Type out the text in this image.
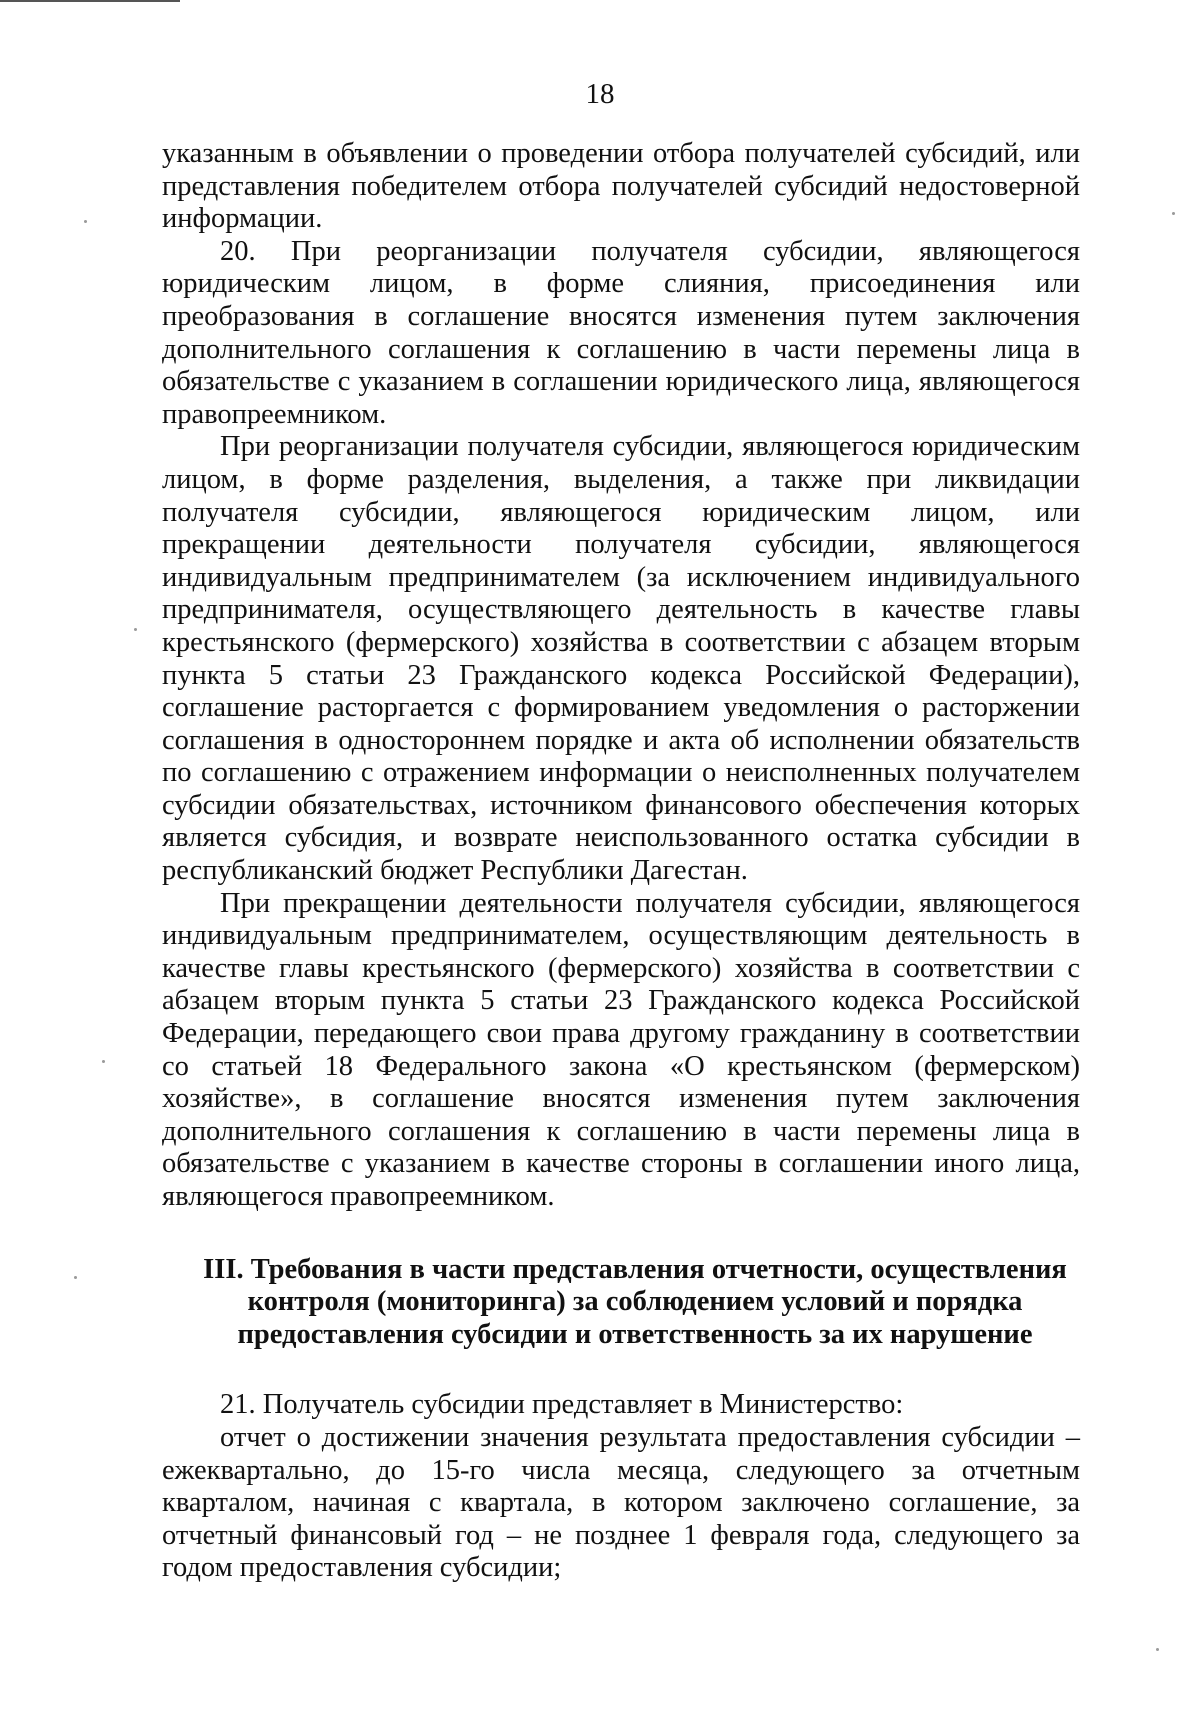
18

указанным в объявлении о проведении отбора получателей субсидий, или представления победителем отбора получателей субсидий недостоверной информации.

20. При реорганизации получателя субсидии, являющегося юридическим лицом, в форме слияния, присоединения или преобразования в соглашение вносятся изменения путем заключения дополнительного соглашения к соглашению в части перемены лица в обязательстве с указанием в соглашении юридического лица, являющегося правопреемником.

При реорганизации получателя субсидии, являющегося юридическим лицом, в форме разделения, выделения, а также при ликвидации получателя субсидии, являющегося юридическим лицом, или прекращении деятельности получателя субсидии, являющегося индивидуальным предпринимателем (за исключением индивидуального предпринимателя, осуществляющего деятельность в качестве главы крестьянского (фермерского) хозяйства в соответствии с абзацем вторым пункта 5 статьи 23 Гражданского кодекса Российской Федерации), соглашение расторгается с формированием уведомления о расторжении соглашения в одностороннем порядке и акта об исполнении обязательств по соглашению с отражением информации о неисполненных получателем субсидии обязательствах, источником финансового обеспечения которых является субсидия, и возврате неиспользованного остатка субсидии в республиканский бюджет Республики Дагестан.

При прекращении деятельности получателя субсидии, являющегося индивидуальным предпринимателем, осуществляющим деятельность в качестве главы крестьянского (фермерского) хозяйства в соответствии с абзацем вторым пункта 5 статьи 23 Гражданского кодекса Российской Федерации, передающего свои права другому гражданину в соответствии со статьей 18 Федерального закона «О крестьянском (фермерском) хозяйстве», в соглашение вносятся изменения путем заключения дополнительного соглашения к соглашению в части перемены лица в обязательстве с указанием в качестве стороны в соглашении иного лица, являющегося правопреемником.

III. Требования в части представления отчетности, осуществления контроля (мониторинга) за соблюдением условий и порядка предоставления субсидии и ответственность за их нарушение

21. Получатель субсидии представляет в Министерство:

отчет о достижении значения результата предоставления субсидии – ежеквартально, до 15-го числа месяца, следующего за отчетным кварталом, начиная с квартала, в котором заключено соглашение, за отчетный финансовый год – не позднее 1 февраля года, следующего за годом предоставления субсидии;
